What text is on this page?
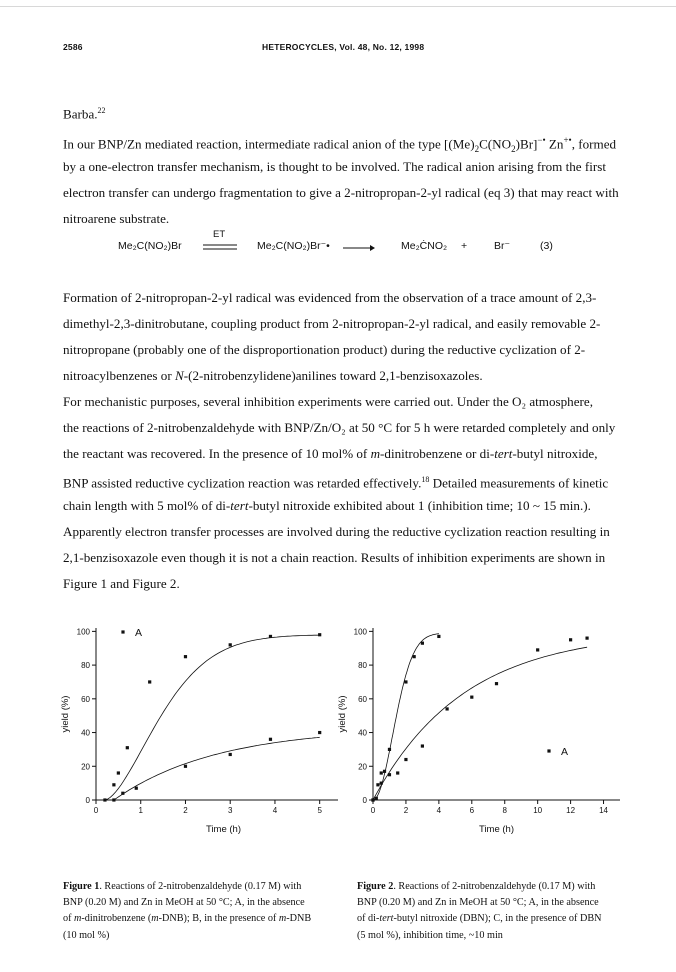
2586	HETEROCYCLES, Vol. 48, No. 12, 1998

Barba.$^{22}$

In our BNP/Zn mediated reaction, intermediate radical anion of the type $[(Me)_2C(NO_2)Br]^{-•}$ Zn+•, formed

by a one-electron transfer mechanism, is thought to be involved. The radical anion arising from the first

electron transfer can undergo fragmentation to give a 2-nitropropan-2-yl radical (eq 3) that may react with

nitroarene substrate.

Me₂C(NO₂)Br
ET
Me₂C(NO₂)Br⁻•	Me₂ĊNO₂ +	Br⁻	(3)

Formation of 2-nitropropan-2-yl radical was evidenced from the observation of a trace amount of 2,3-

dimethyl-2,3-dinitrobutane, coupling product from 2-nitropropan-2-yl radical, and easily removable 2-

nitropropane (probably one of the disproportionation product) during the reductive cyclization of 2-

nitroacylbenzenes or N-(2-nitrobenzylidene)anilines toward 2,1-benzisoxazoles.

For mechanistic purposes, several inhibition experiments were carried out. Under the O₂ atmosphere,

the reactions of 2-nitrobenzaldehyde with BNP/Zn/O₂ at 50 °C for 5 h were retarded completely and only

the reactant was recovered. In the presence of 10 mol% of m-dinitrobenzene or di-tert-butyl nitroxide,

BNP assisted reductive cyclization reaction was retarded effectively.$^{18}$ Detailed measurements of kinetic

chain length with 5 mol% of di-tert-butyl nitroxide exhibited about 1 (inhibition time; 10 ~ 15 min.).

Apparently electron transfer processes are involved during the reductive cyclization reaction resulting in

2,1-benzisoxazole even though it is not a chain reaction. Results of inhibition experiments are shown in

Figure 1 and Figure 2.

0	1	2	3	4	5
0
20
40
60
80
100
Time (h)
yield (%)
A
0	2	4	6	8	10	12	14
0
20
40
60
80
100
Time (h)
yield (%)
A
Figure 1. Reactions of 2-nitrobenzaldehyde (0.17 M) with
BNP (0.20 M) and Zn in MeOH at 50 °C; A, in the absence
of m-dinitrobenzene (m-DNB); B, in the presence of m-DNB
(10 mol %)
Figure 2. Reactions of 2-nitrobenzaldehyde (0.17 M) with
BNP (0.20 M) and Zn in MeOH at 50 °C; A, in the absence
of di-tert-butyl nitroxide (DBN); C, in the presence of DBN
(5 mol %), inhibition time, ~10 min
